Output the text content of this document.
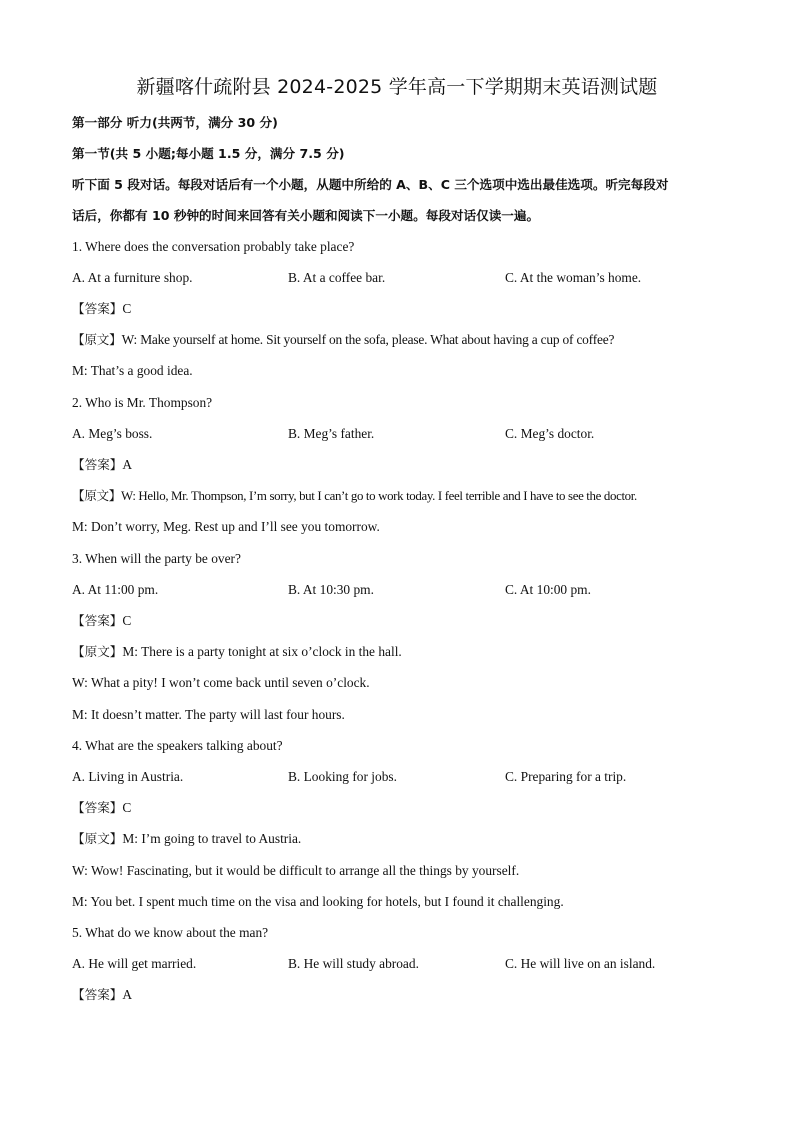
新疆喀什疏附县 2024-2025 学年高一下学期期末英语测试题
第一部分 听力(共两节，满分 30 分)
第一节(共 5 小题;每小题 1.5 分，满分 7.5 分)
听下面 5 段对话。每段对话后有一个小题，从题中所给的 A、B、C 三个选项中选出最佳选项。听完每段对
话后，你都有 10 秒钟的时间来回答有关小题和阅读下一小题。每段对话仅读一遍。
1. Where does the conversation probably take place?
A. At a furniture shop.	B. At a coffee bar.	C. At the woman’s home.
【答案】C
【原文】W: Make yourself at home. Sit yourself on the sofa, please. What about having a cup of coffee?
M: That’s a good idea.
2. Who is Mr. Thompson?
A. Meg’s boss.	B. Meg’s father.	C. Meg’s doctor.
【答案】A
【原文】W: Hello, Mr. Thompson, I’m sorry, but I can’t go to work today. I feel terrible and I have to see the doctor.
M: Don’t worry, Meg. Rest up and I’ll see you tomorrow.
3. When will the party be over?
A. At 11:00 pm.	B. At 10:30 pm.	C. At 10:00 pm.
【答案】C
【原文】M: There is a party tonight at six o’clock in the hall.
W: What a pity! I won’t come back until seven o’clock.
M: It doesn’t matter. The party will last four hours.
4. What are the speakers talking about?
A. Living in Austria.	B. Looking for jobs.	C. Preparing for a trip.
【答案】C
【原文】M: I’m going to travel to Austria.
W: Wow! Fascinating, but it would be difficult to arrange all the things by yourself.
M: You bet. I spent much time on the visa and looking for hotels, but I found it challenging.
5. What do we know about the man?
A. He will get married.	B. He will study abroad.	C. He will live on an island.
【答案】A
